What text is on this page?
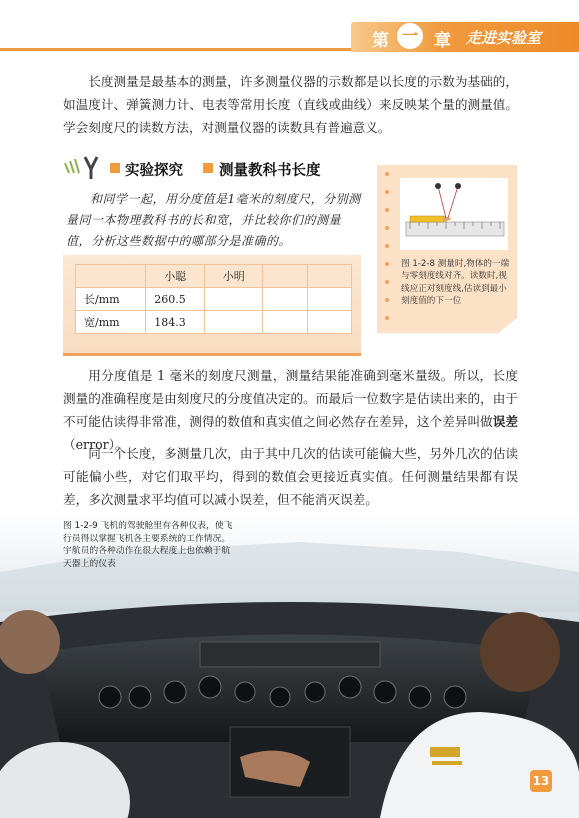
第 一 章 走进实验室

长度测量是最基本的测量，许多测量仪器的示数都是以长度的示数为基础的，如温度计、弹簧测力计、电表等常用长度（直线或曲线）来反映某个量的测量值。学会刻度尺的读数方法，对测量仪器的读数具有普遍意义。

实验探究 测量教科书长度

和同学一起，用分度值是1毫米的刻度尺，分别测量同一本物理教科书的长和宽，并比较你们的测量值，分析这些数据中的哪部分是准确的。

	小聪	小明		
长/mm	260.5			
宽/mm	184.3			
图 1-2-8 测量时,物体的一端与零刻度线对齐。读数时,视线应正对刻度线,估读到最小刻度值的下一位

用分度值是 1 毫米的刻度尺测量，测量结果能准确到毫米量级。所以，长度测量的准确程度是由刻度尺的分度值决定的。而最后一位数字是估读出来的，由于不可能估读得非常准，测得的数值和真实值之间必然存在差异，这个差异叫做误差（error）。

同一个长度，多测量几次，由于其中几次的估读可能偏大些，另外几次的估读可能偏小些，对它们取平均，得到的数值会更接近真实值。任何测量结果都有误差，多次测量求平均值可以减小误差，但不能消灭误差。

图 1-2-9 飞机的驾驶舱里有各种仪表，使飞行员得以掌握飞机各主要系统的工作情况。宇航员的各种动作在很大程度上也依赖于航天器上的仪表
13
